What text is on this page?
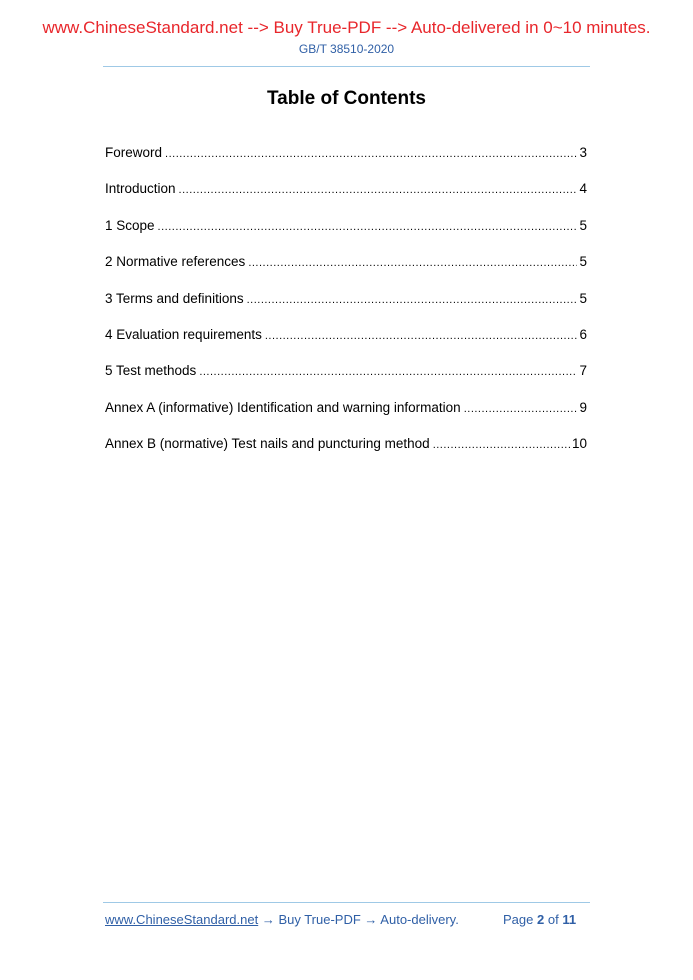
www.ChineseStandard.net --> Buy True-PDF --> Auto-delivered in 0~10 minutes.
GB/T 38510-2020
Table of Contents
Foreword .....	3
Introduction .....	4
1 Scope .....	5
2 Normative references .....	5
3 Terms and definitions .....	5
4 Evaluation requirements .....	6
5 Test methods .....	7
Annex A (informative) Identification and warning information .....	9
Annex B (normative) Test nails and puncturing method .....	10
www.ChineseStandard.net → Buy True-PDF → Auto-delivery.	Page 2 of 11
